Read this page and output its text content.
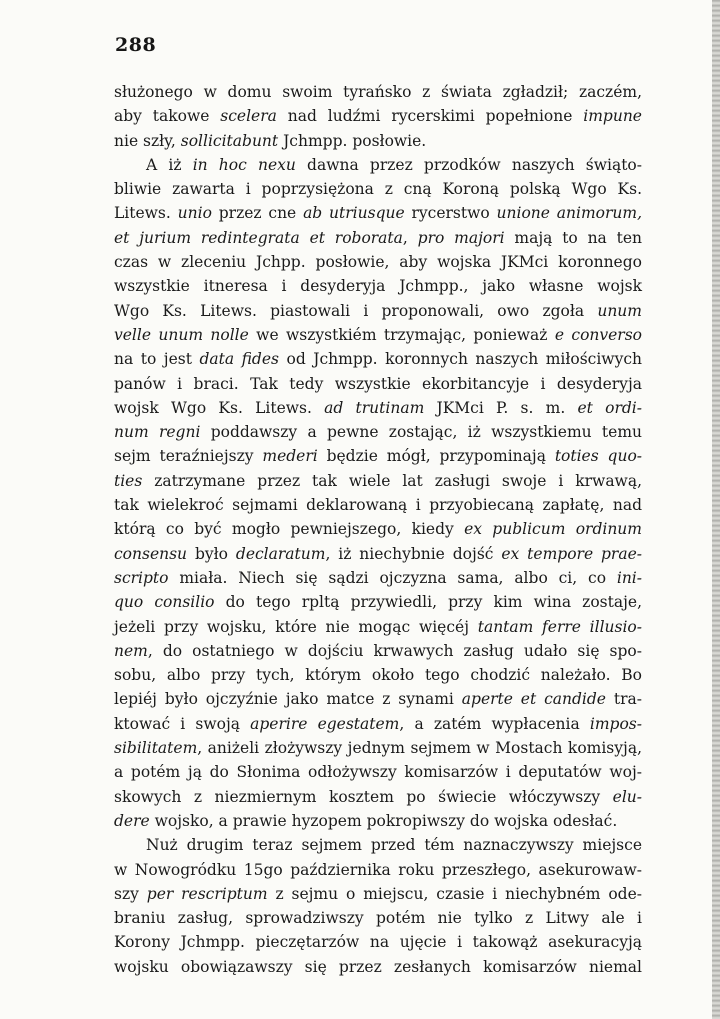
288
służonego w domu swoim tyrańsko z świata zgładził; zaczém,
aby takowe scelera nad ludźmi rycerskimi popełnione impune
nie szły, sollicitabunt Jchmpp. posłowie.
A iż in hoc nexu dawna przez przodków naszych świąto-
bliwie zawarta i poprzysiężona z cną Koroną polską Wgo Ks.
Litews. unio przez cne ab utriusque rycerstwo unione animorum,
et jurium redintegrata et roborata, pro majori mają to na ten
czas w zleceniu Jchpp. posłowie, aby wojska JKMci koronnego
wszystkie itneresa i desyderyja Jchmpp., jako własne wojsk
Wgo Ks. Litews. piastowali i proponowali, owo zgoła unum
velle unum nolle we wszystkiém trzymając, ponieważ e converso
na to jest data fides od Jchmpp. koronnych naszych miłościwych
panów i braci. Tak tedy wszystkie ekorbitancyje i desyderyja
wojsk Wgo Ks. Litews. ad trutinam JKMci P. s. m. et ordi-
num regni poddawszy a pewne zostając, iż wszystkiemu temu
sejm teraźniejszy mederi będzie mógł, przypominają toties quo-
ties zatrzymane przez tak wiele lat zasługi swoje i krwawą,
tak wielekroć sejmami deklarowaną i przyobiecaną zapłatę, nad
którą co być mogło pewniejszego, kiedy ex publicum ordinum
consensu było declaratum, iż niechybnie dojść ex tempore prae-
scripto miała. Niech się sądzi ojczyzna sama, albo ci, co ini-
quo consilio do tego rpltą przywiedli, przy kim wina zostaje,
jeżeli przy wojsku, które nie mogąc więcéj tantam ferre illusio-
nem, do ostatniego w dojściu krwawych zasług udało się spo-
sobu, albo przy tych, którym około tego chodzić należało. Bo
lepiéj było ojczyźnie jako matce z synami aperte et candide tra-
ktować i swoją aperire egestatem, a zatém wypłacenia impos-
sibilitatem, aniżeli złożywszy jednym sejmem w Mostach komisyją,
a potém ją do Słonima odłożywszy komisarzów i deputatów woj-
skowych z niezmiernym kosztem po świecie włóczywszy elu-
dere wojsko, a prawie hyzopem pokropiwszy do wojska odesłać.
Nuż drugim teraz sejmem przed tém naznaczywszy miejsce
w Nowogródku 15go października roku przeszłego, asekurowaw-
szy per rescriptum z sejmu o miejscu, czasie i niechybném ode-
braniu zasług, sprowadziwszy potém nie tylko z Litwy ale i
Korony Jchmpp. pieczętarzów na ujęcie i takowąż asekuracyją
wojsku obowiązawszy się przez zesłanych komisarzów niemal
